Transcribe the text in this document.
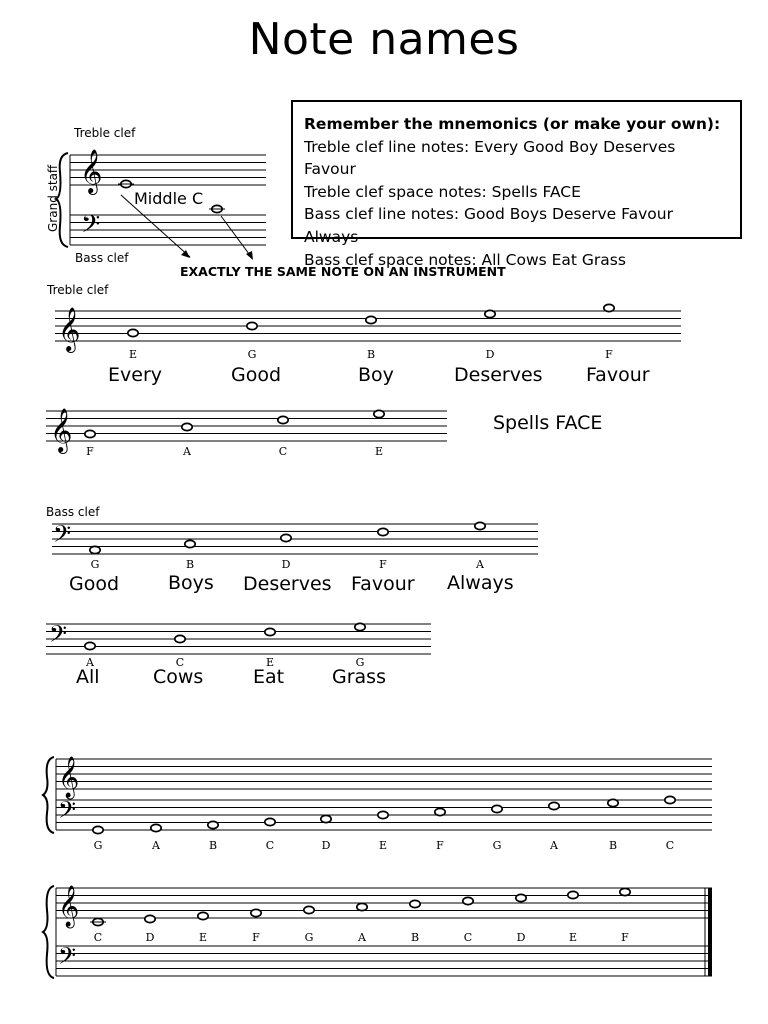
Note names
Remember the mnemonics (or make your own):
Treble clef line notes: Every Good Boy Deserves Favour
Treble clef space notes: Spells FACE
Bass clef line notes: Good Boys Deserve Favour Always
Bass clef space notes: All Cows Eat Grass
Treble clef
Bass clef
Grand staff	Middle C
EXACTLY THE SAME NOTE ON AN INSTRUMENT
Treble clef
Bass clef
Every	Good	Boy	Deserves Favour
Spells FACE
Good	Boys Deserves Favour Always
All	Cows	Eat	Grass
𝄞
𝄢
𝄞
E	G	B	D	F
𝄞 F	A	C	E
𝄢
G	B	D	F	A
𝄢
A	C	E	G
𝄞
𝄢
G	A	B	C	D	E	F	G	A	B	C
𝄞
𝄢
C	D	E	F	G	A	B	C	D	E	F
